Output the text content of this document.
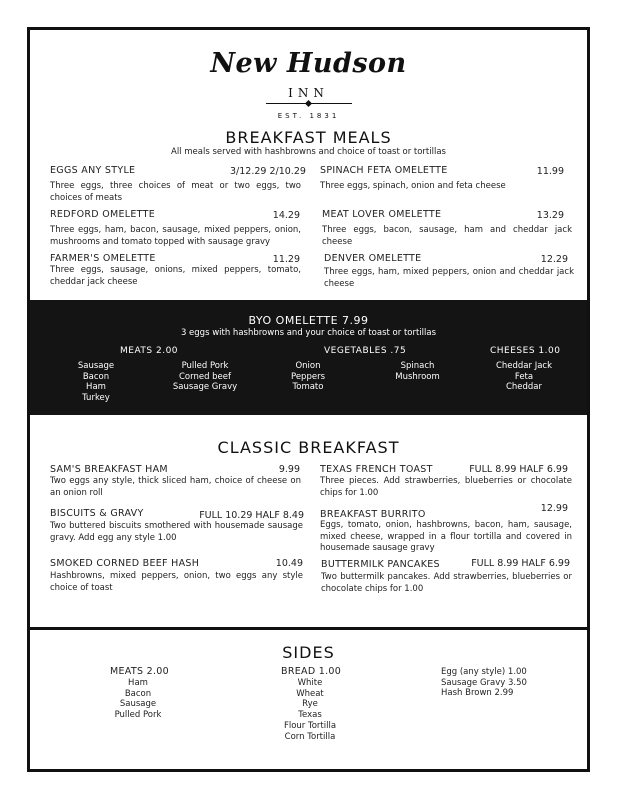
New Hudson
INN
EST. 1831
BREAKFAST MEALS
All meals served with hashbrowns and choice of toast or tortillas
EGGS ANY STYLE	3/12.29 2/10.29
Three eggs, three choices of meat or two eggs, two choices of meats
SPINACH FETA OMELETTE	11.99
Three eggs, spinach, onion and feta cheese
REDFORD OMELETTE	14.29
Three eggs, ham, bacon, sausage, mixed peppers, onion, mushrooms and tomato topped with sausage gravy
MEAT LOVER OMELETTE	13.29
Three eggs, bacon, sausage, ham and cheddar jack cheese
FARMER'S OMELETTE	11.29
Three eggs, sausage, onions, mixed peppers, tomato, cheddar jack cheese
DENVER OMELETTE	12.29
Three eggs, ham, mixed peppers, onion and cheddar jack cheese
BYO OMELETTE 7.99
3 eggs with hashbrowns and your choice of toast or tortillas
MEATS 2.00
Sausage
Bacon
Ham
Turkey
Pulled Pork
Corned beef
Sausage Gravy
VEGETABLES .75
Onion
Peppers
Tomato
Spinach
Mushroom
CHEESES 1.00
Cheddar Jack
Feta
Cheddar
CLASSIC BREAKFAST
SAM'S BREAKFAST HAM	9.99
Two eggs any style, thick sliced ham, choice of cheese on an onion roll
TEXAS FRENCH TOAST	FULL 8.99 HALF 6.99
Three pieces. Add strawberries, blueberries or chocolate chips for 1.00
BISCUITS & GRAVY	FULL 10.29 HALF 8.49
Two buttered biscuits smothered with housemade sausage gravy. Add egg any style 1.00
BREAKFAST BURRITO
12.99
Eggs, tomato, onion, hashbrowns, bacon, ham, sausage, mixed cheese, wrapped in a flour tortilla and covered in housemade sausage gravy
SMOKED CORNED BEEF HASH	10.49
Hashbrowns, mixed peppers, onion, two eggs any style choice of toast
BUTTERMILK PANCAKES	FULL 8.99 HALF 6.99
Two buttermilk pancakes. Add strawberries, blueberries or chocolate chips for 1.00
SIDES
MEATS 2.00
Ham
Bacon
Sausage
Pulled Pork
BREAD 1.00
White
Wheat
Rye
Texas
Flour Tortilla
Corn Tortilla
Egg (any style) 1.00
Sausage Gravy 3.50
Hash Brown 2.99
